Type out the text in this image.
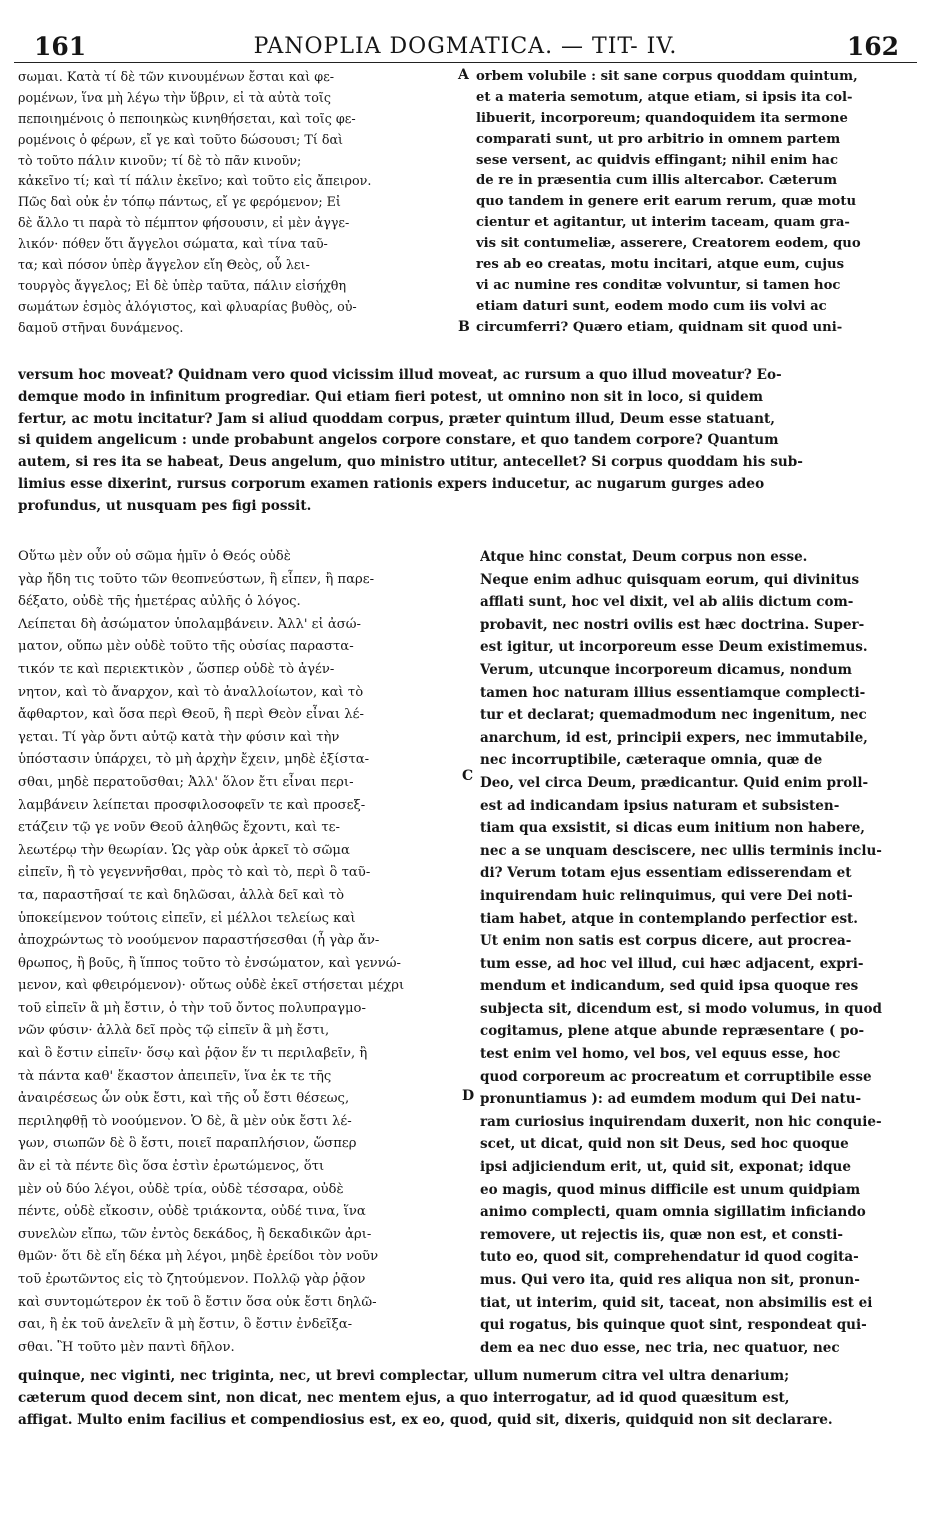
161	PANOPLIA DOGMATICA. — TIT- IV.	162
σωμαι. Κατὰ τί δὲ τῶν κινουμένων ἔσται καὶ φε-
ρομένων, ἵνα μὴ λέγω τὴν ὕβριν, εἰ τὰ αὐτὰ τοῖς
πεποιημένοις ὁ πεποιηκὼς κινηθήσεται, καὶ τοῖς φε-
ρομένοις ὁ φέρων, εἴ γε καὶ τοῦτο δώσουσι; Τί δαὶ
τὸ τοῦτο πάλιν κινοῦν; τί δὲ τὸ πᾶν κινοῦν;
κἀκεῖνο τί; καὶ τί πάλιν ἐκεῖνο; καὶ τοῦτο εἰς ἄπειρον.
Πῶς δαὶ οὐκ ἐν τόπῳ πάντως, εἴ γε φερόμενον; Εἰ
δὲ ἄλλο τι παρὰ τὸ πέμπτον φήσουσιν, εἰ μὲν ἀγγε-
λικόν· πόθεν ὅτι ἄγγελοι σώματα, καὶ τίνα ταῦ-
τα; καὶ πόσον ὑπὲρ ἄγγελον εἴη Θεὸς, οὗ λει-
τουργὸς ἄγγελος; Εἰ δὲ ὑπὲρ ταῦτα, πάλιν εἰσήχθη
σωμάτων ἑσμὸς ἀλόγιστος, καὶ φλυαρίας βυθὸς, οὐ-
δαμοῦ στῆναι δυνάμενος.
orbem volubile : sit sane corpus quoddam quintum,
et a materia semotum, atque etiam, si ipsis ita col-
libuerit, incorporeum; quandoquidem ita sermone
comparati sunt, ut pro arbitrio in omnem partem
sese versent, ac quidvis effingant; nihil enim hac
de re in præsentia cum illis altercabor. Cæterum
quo tandem in genere erit earum rerum, quæ motu
cientur et agitantur, ut interim taceam, quam gra-
vis sit contumeliæ, asserere, Creatorem eodem, quo
res ab eo creatas, motu incitari, atque eum, cujus
vi ac numine res conditæ volvuntur, si tamen hoc
etiam daturi sunt, eodem modo cum iis volvi ac
circumferri? Quæro etiam, quidnam sit quod uni-
A
B
versum hoc moveat? Quidnam vero quod vicissim illud moveat, ac rursum a quo illud moveatur? Eo-
demque modo in infinitum progrediar. Qui etiam fieri potest, ut omnino non sit in loco, si quidem
fertur, ac motu incitatur? Jam si aliud quoddam corpus, præter quintum illud, Deum esse statuant,
si quidem angelicum : unde probabunt angelos corpore constare, et quo tandem corpore? Quantum
autem, si res ita se habeat, Deus angelum, quo ministro utitur, antecellet? Si corpus quoddam his sub-
limius esse dixerint, rursus corporum examen rationis expers inducetur, ac nugarum gurges adeo
profundus, ut nusquam pes figi possit.
Οὕτω μὲν οὖν οὐ σῶμα ἡμῖν ὁ Θεός οὐδὲ
γὰρ ἤδη τις τοῦτο τῶν θεοπνεύστων, ἢ εἶπεν, ἢ παρε-
δέξατο, οὐδὲ τῆς ἡμετέρας αὐλῆς ὁ λόγος.
Λείπεται δὴ ἀσώματον ὑπολαμβάνειν. Ἀλλ' εἰ ἀσώ-
ματον, οὔπω μὲν οὐδὲ τοῦτο τῆς οὐσίας παραστα-
τικόν τε καὶ περιεκτικὸν , ὥσπερ οὐδὲ τὸ ἀγέν-
νητον, καὶ τὸ ἄναρχον, καὶ τὸ ἀναλλοίωτον, καὶ τὸ
ἄφθαρτον, καὶ ὅσα περὶ Θεοῦ, ἢ περὶ Θεὸν εἶναι λέ-
γεται. Τί γὰρ ὄντι αὐτῷ κατὰ τὴν φύσιν καὶ τὴν
ὑπόστασιν ὑπάρχει, τὸ μὴ ἀρχὴν ἔχειν, μηδὲ ἐξίστα-
σθαι, μηδὲ περατοῦσθαι; Ἀλλ' ὅλον ἔτι εἶναι περι-
λαμβάνειν λείπεται προσφιλοσοφεῖν τε καὶ προσεξ-
ετάζειν τῷ γε νοῦν Θεοῦ ἀληθῶς ἔχοντι, καὶ τε-
λεωτέρῳ τὴν θεωρίαν. Ὡς γὰρ οὐκ ἀρκεῖ τὸ σῶμα
εἰπεῖν, ἢ τὸ γεγεννῆσθαι, πρὸς τὸ καὶ τὸ, περὶ ὃ ταῦ-
τα, παραστῆσαί τε καὶ δηλῶσαι, ἀλλὰ δεῖ καὶ τὸ
ὑποκείμενον τούτοις εἰπεῖν, εἰ μέλλοι τελείως καὶ
ἀποχρώντως τὸ νοούμενον παραστήσεσθαι (ἦ γὰρ ἄν-
θρωπος, ἢ βοῦς, ἢ ἵππος τοῦτο τὸ ἐνσώματον, καὶ γεννώ-
μενον, καὶ φθειρόμενον)· οὕτως οὐδὲ ἐκεῖ στήσεται μέχρι
τοῦ εἰπεῖν ἃ μὴ ἔστιν, ὁ τὴν τοῦ ὄντος πολυπραγμο-
νῶν φύσιν· ἀλλὰ δεῖ πρὸς τῷ εἰπεῖν ἃ μὴ ἔστι,
καὶ ὃ ἔστιν εἰπεῖν· ὅσῳ καὶ ῥᾷον ἕν τι περιλαβεῖν, ἢ
τὰ πάντα καθ' ἕκαστον ἀπειπεῖν, ἵνα ἐκ τε τῆς
ἀναιρέσεως ὧν οὐκ ἔστι, καὶ τῆς οὗ ἔστι θέσεως,
περιληφθῇ τὸ νοούμενον. Ὁ δὲ, ἃ μὲν οὐκ ἔστι λέ-
γων, σιωπῶν δὲ ὃ ἔστι, ποιεῖ παραπλήσιον, ὥσπερ
ἂν εἰ τὰ πέντε δὶς ὅσα ἐστὶν ἐρωτώμενος, ὅτι
μὲν οὐ δύο λέγοι, οὐδὲ τρία, οὐδὲ τέσσαρα, οὐδὲ
πέντε, οὐδὲ εἴκοσιν, οὐδὲ τριάκοντα, οὐδέ τινα, ἵνα
συνελὼν εἴπω, τῶν ἐντὸς δεκάδος, ἢ δεκαδικῶν ἀρι-
θμῶν· ὅτι δὲ εἴη δέκα μὴ λέγοι, μηδὲ ἐρείδοι τὸν νοῦν
τοῦ ἐρωτῶντος εἰς τὸ ζητούμενον. Πολλῷ γὰρ ῥᾷον
καὶ συντομώτερον ἐκ τοῦ ὃ ἔστιν ὅσα οὐκ ἔστι δηλῶ-
σαι, ἢ ἐκ τοῦ ἀνελεῖν ἃ μὴ ἔστιν, ὃ ἔστιν ἐνδεῖξα-
σθαι. Ἢ τοῦτο μὲν παντὶ δῆλον.
Atque hinc constat, Deum corpus non esse.
Neque enim adhuc quisquam eorum, qui divinitus
afflati sunt, hoc vel dixit, vel ab aliis dictum com-
probavit, nec nostri ovilis est hæc doctrina. Super-
est igitur, ut incorporeum esse Deum existimemus.
Verum, utcunque incorporeum dicamus, nondum
tamen hoc naturam illius essentiamque complecti-
tur et declarat; quemadmodum nec ingenitum, nec
anarchum, id est, principii expers, nec immutabile,
nec incorruptibile, cæteraque omnia, quæ de
Deo, vel circa Deum, prædicantur. Quid enim proll-
est ad indicandam ipsius naturam et subsisten-
tiam qua exsistit, si dicas eum initium non habere,
nec a se unquam desciscere, nec ullis terminis inclu-
di? Verum totam ejus essentiam edisserendam et
inquirendam huic relinquimus, qui vere Dei noti-
tiam habet, atque in contemplando perfectior est.
Ut enim non satis est corpus dicere, aut procrea-
tum esse, ad hoc vel illud, cui hæc adjacent, expri-
mendum et indicandum, sed quid ipsa quoque res
subjecta sit, dicendum est, si modo volumus, in quod
cogitamus, plene atque abunde repræsentare ( po-
test enim vel homo, vel bos, vel equus esse, hoc
quod corporeum ac procreatum et corruptibile esse
pronuntiamus ): ad eumdem modum qui Dei natu-
ram curiosius inquirendam duxerit, non hic conquie-
scet, ut dicat, quid non sit Deus, sed hoc quoque
ipsi adjiciendum erit, ut, quid sit, exponat; idque
eo magis, quod minus difficile est unum quidpiam
animo complecti, quam omnia sigillatim inficiando
removere, ut rejectis iis, quæ non est, et consti-
tuto eo, quod sit, comprehendatur id quod cogita-
mus. Qui vero ita, quid res aliqua non sit, pronun-
tiat, ut interim, quid sit, taceat, non absimilis est ei
qui rogatus, bis quinque quot sint, respondeat qui-
dem ea nec duo esse, nec tria, nec quatuor, nec
C
D
quinque, nec viginti, nec triginta, nec, ut brevi complectar, ullum numerum citra vel ultra denarium;
cæterum quod decem sint, non dicat, nec mentem ejus, a quo interrogatur, ad id quod quæsitum est,
affigat. Multo enim facilius et compendiosius est, ex eo, quod, quid sit, dixeris, quidquid non sit declarare.
